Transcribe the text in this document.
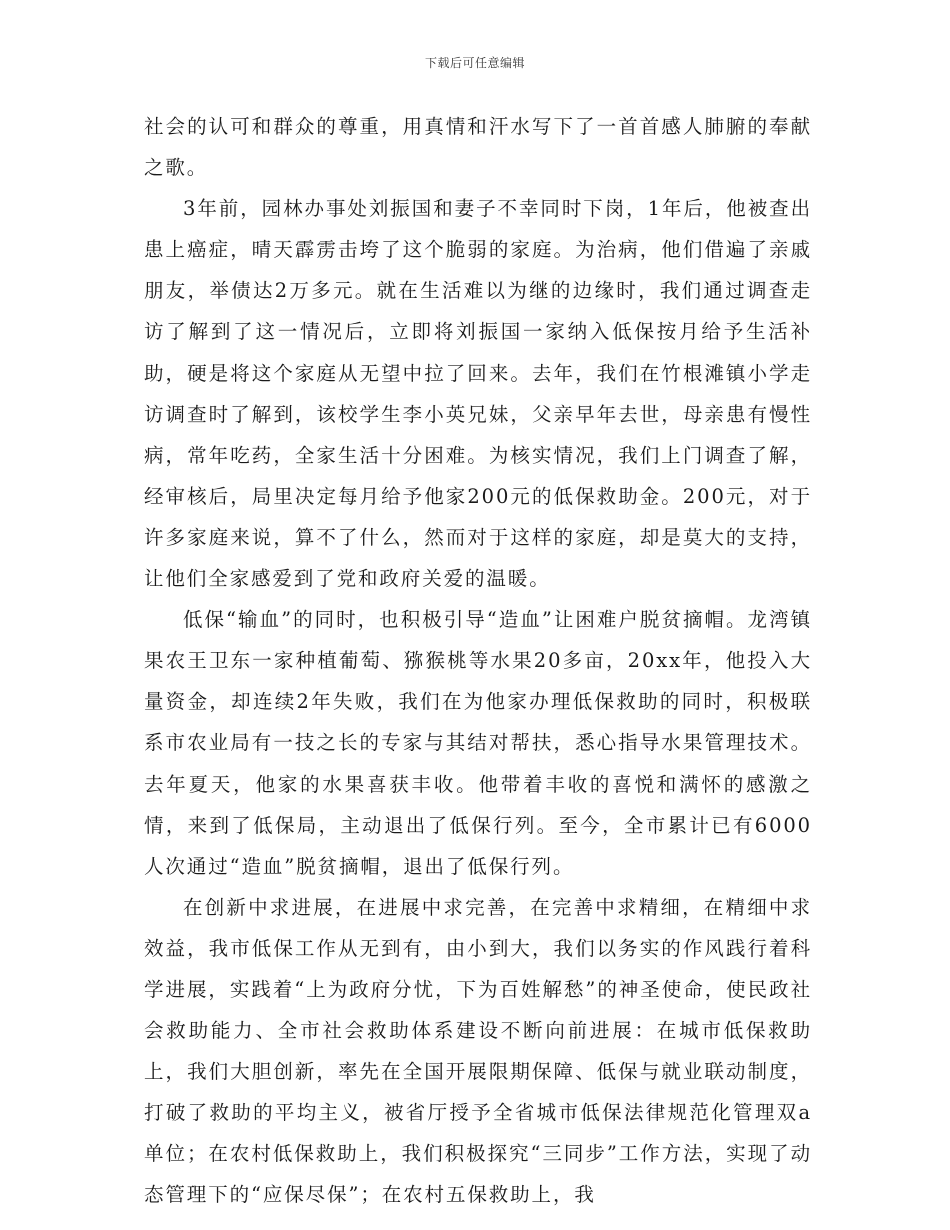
下载后可任意编辑

社会的认可和群众的尊重，用真情和汗水写下了一首首感人肺腑的奉献之歌。

3年前，园林办事处刘振国和妻子不幸同时下岗，1年后，他被查出患上癌症，晴天霹雳击垮了这个脆弱的家庭。为治病，他们借遍了亲戚朋友，举债达2万多元。就在生活难以为继的边缘时，我们通过调查走访了解到了这一情况后，立即将刘振国一家纳入低保按月给予生活补助，硬是将这个家庭从无望中拉了回来。去年，我们在竹根滩镇小学走访调查时了解到，该校学生李小英兄妹，父亲早年去世，母亲患有慢性病，常年吃药，全家生活十分困难。为核实情况，我们上门调查了解，经审核后，局里决定每月给予他家200元的低保救助金。200元，对于许多家庭来说，算不了什么，然而对于这样的家庭，却是莫大的支持，让他们全家感爱到了党和政府关爱的温暖。

低保“输血”的同时，也积极引导“造血”让困难户脱贫摘帽。龙湾镇果农王卫东一家种植葡萄、猕猴桃等水果20多亩，20xx年，他投入大量资金，却连续2年失败，我们在为他家办理低保救助的同时，积极联系市农业局有一技之长的专家与其结对帮扶，悉心指导水果管理技术。去年夏天，他家的水果喜获丰收。他带着丰收的喜悦和满怀的感激之情，来到了低保局，主动退出了低保行列。至今，全市累计已有6000人次通过“造血”脱贫摘帽，退出了低保行列。

在创新中求进展，在进展中求完善，在完善中求精细，在精细中求效益，我市低保工作从无到有，由小到大，我们以务实的作风践行着科学进展，实践着“上为政府分忧，下为百姓解愁”的神圣使命，使民政社会救助能力、全市社会救助体系建设不断向前进展：在城市低保救助上，我们大胆创新，率先在全国开展限期保障、低保与就业联动制度，打破了救助的平均主义，被省厅授予全省城市低保法律规范化管理双a单位；在农村低保救助上，我们积极探究“三同步”工作方法，实现了动态管理下的“应保尽保”；在农村五保救助上，我
